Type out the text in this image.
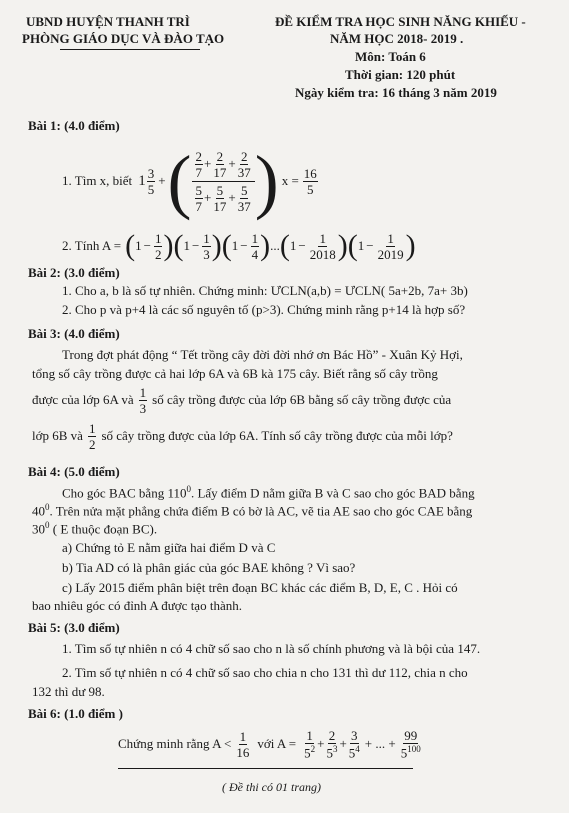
UBND HUYỆN THANH TRÌ
PHÒNG GIÁO DỤC VÀ ĐÀO TẠO
ĐỀ KIỂM TRA HỌC SINH NĂNG KHIẾU -
NĂM HỌC 2018- 2019 .
Môn: Toán 6
Thời gian: 120 phút
Ngày kiểm tra: 16 tháng 3 năm 2019
Bài 1: (4.0 điểm)
1. Tìm x, biết $1 \frac{3}{5}$ + ( $\frac{2}{7} + \frac{2}{17} + \frac{2}{37}$
$\frac{5}{7} + \frac{5}{17} + \frac{5}{37}$ ) $x = \frac{16}{5}$
2. Tính A = ( $1 - \frac{1}{2}$ ) ( $1 - \frac{1}{3}$ ) ( $1 - \frac{1}{4}$ ) ... ( $1 - \frac{1}{2018}$ ) ( $1 - \frac{1}{2019}$ )
Bài 2: (3.0 điểm)
1. Cho a, b là số tự nhiên. Chứng minh: ƯCLN(a,b) = ƯCLN( 5a+2b, 7a+ 3b)
2. Cho p và p+4 là các số nguyên tố (p>3). Chứng minh rằng p+14 là hợp số?
Bài 3: (4.0 điểm)
Trong đợt phát động “ Tết trồng cây đời đời nhớ ơn Bác Hồ” - Xuân Kỷ Hợi,
tổng số cây trồng được cả hai lớp 6A và 6B kà 175 cây. Biết rằng số cây trồng
được của lớp 6A và $\frac{1}{3}$ số cây trồng được của lớp 6B bằng số cây trồng được của
lớp 6B và $\frac{1}{2}$ số cây trồng được của lớp 6A. Tính số cây trồng được của mỗi lớp?
Bài 4: (5.0 điểm)
Cho góc BAC bằng $110^0$. Lấy điểm D nằm giữa B và C sao cho góc BAD bằng
$40^0$. Trên nửa mặt phẳng chứa điểm B có bờ là AC, vẽ tia AE sao cho góc CAE bằng
$30^0$ ( E thuộc đoạn BC).
a) Chứng tỏ E nằm giữa hai điểm D và C
b) Tia AD có là phân giác của góc BAE không ? Vì sao?
c) Lấy 2015 điểm phân biệt trên đoạn BC khác các điểm B, D, E, C . Hỏi có
bao nhiêu góc có đỉnh A được tạo thành.
Bài 5: (3.0 điểm)
1. Tìm số tự nhiên n có 4 chữ số sao cho n là số chính phương và là bội của 147.
2. Tìm số tự nhiên n có 4 chữ số sao cho chia n cho 131 thì dư 112, chia n cho
132 thì dư 98.
Bài 6: (1.0 điểm )
Chứng minh rằng $A < \frac{1}{16}$ với $A = \frac{1}{5^2} + \frac{2}{5^3} + \frac{3}{5^4}$ + ... + $\frac{99}{5^{100}}$
( Đề thi có 01 trang)
